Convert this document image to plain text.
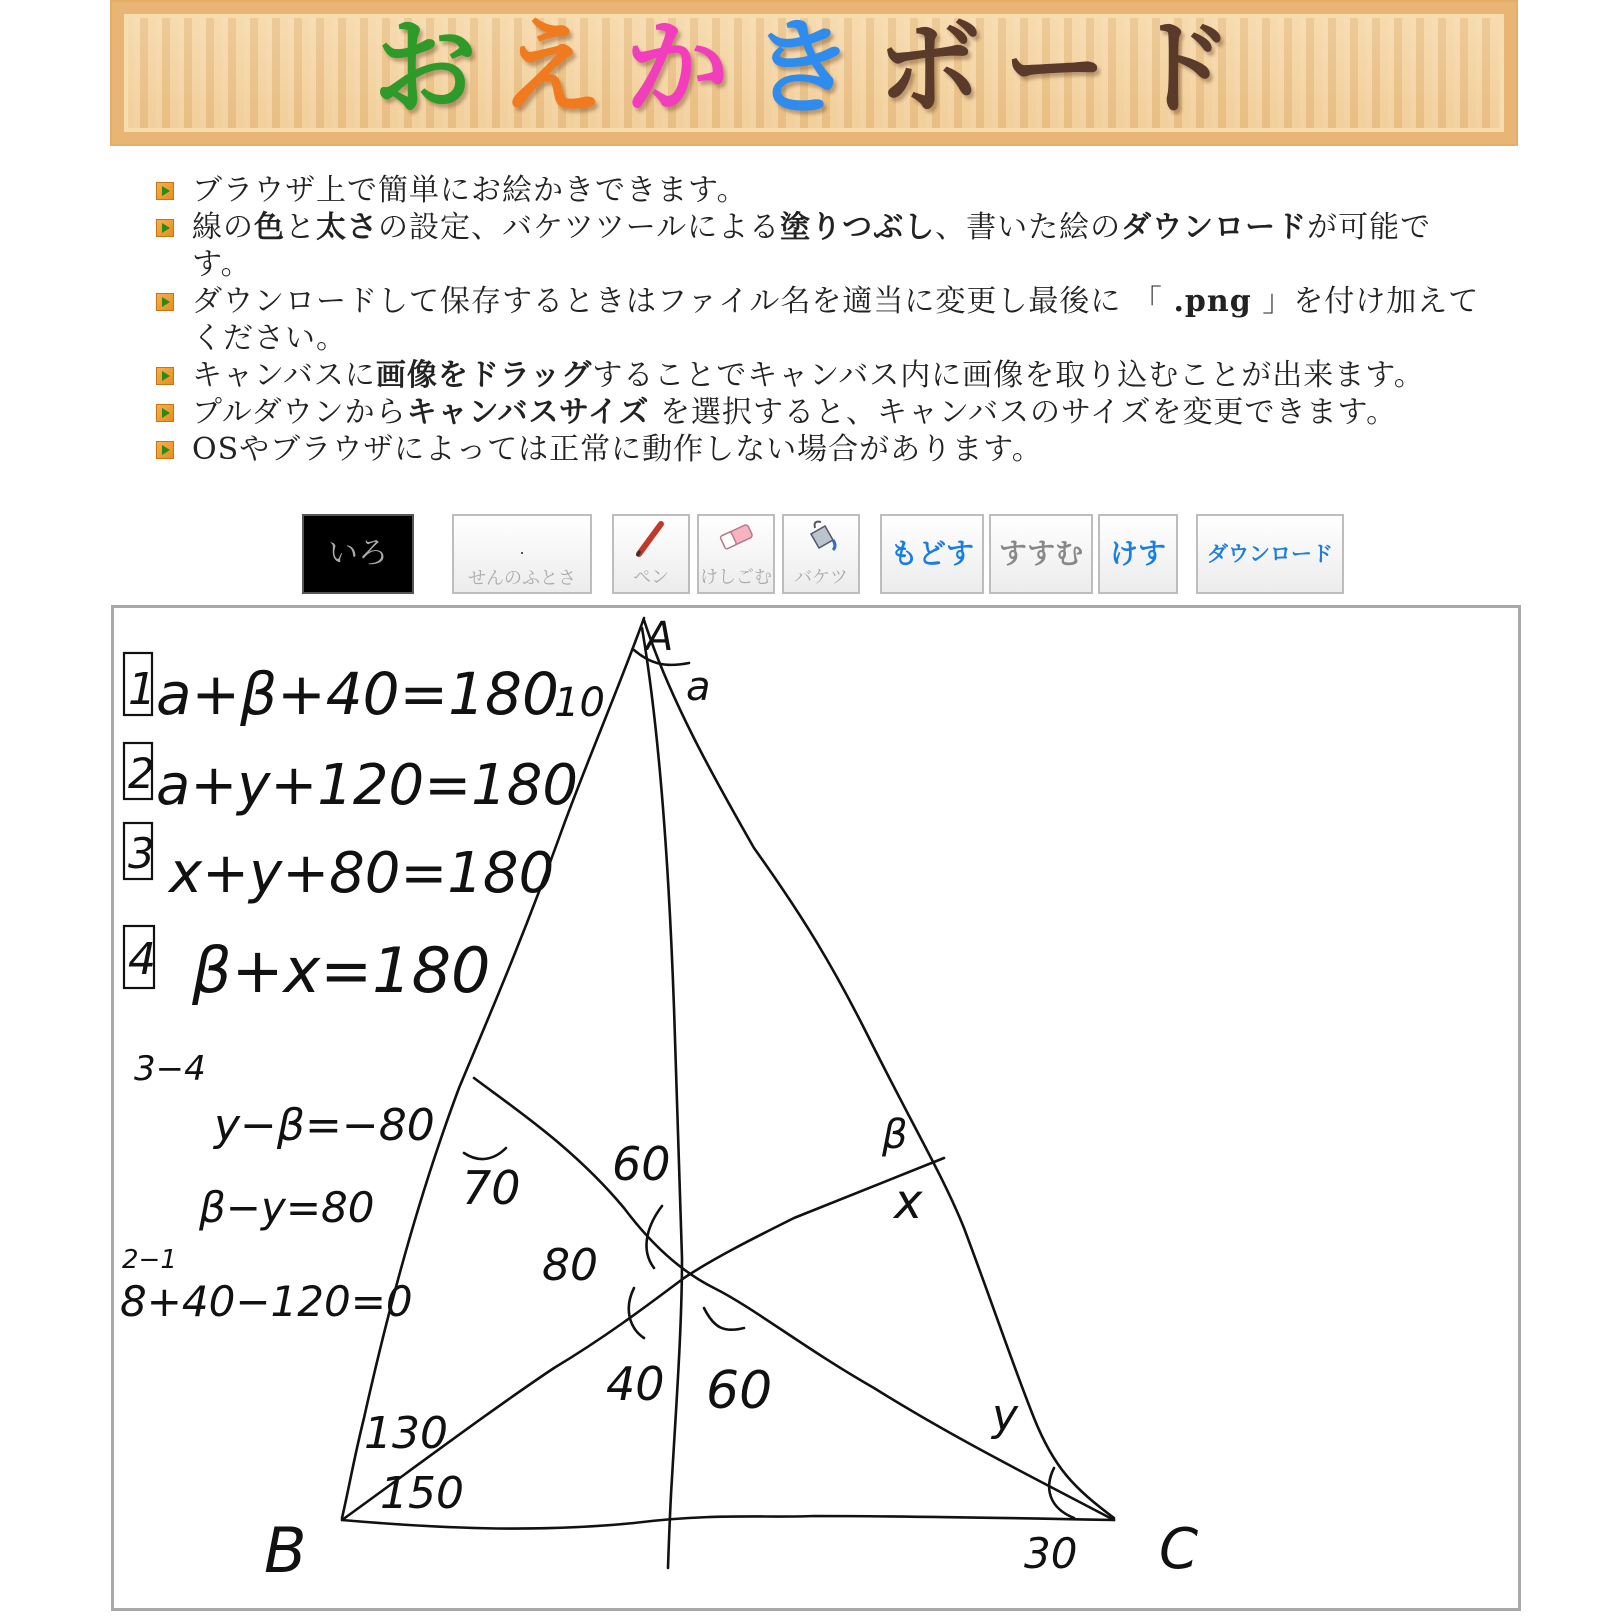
おえかきボード
ブラウザ上で簡単にお絵かきできます。
線の色と太さの設定、バケツツールによる塗りつぶし、書いた絵のダウンロードが可能です。
ダウンロードして保存するときはファイル名を適当に変更し最後に 「 .png 」を付け加えてください。
キャンバスに画像をドラッグすることでキャンバス内に画像を取り込むことが出来ます。
プルダウンからキャンバスサイズ を選択すると、キャンバスのサイズを変更できます。
OSやブラウザによっては正常に動作しない場合があります。
いろ
せんのふとさ	ペン	けしごむ	バケツ
もどす すすむ けす	ダウンロード
1 a+β+40=180
2 a+y+120=180
3 x+y+80=180
4 β+x=180
3−4
y−β=−80
β−y=80
2−1
8+40−120=0
A
B	C
a
10
β
x
y
70 60
80
40 60
130
150
30
